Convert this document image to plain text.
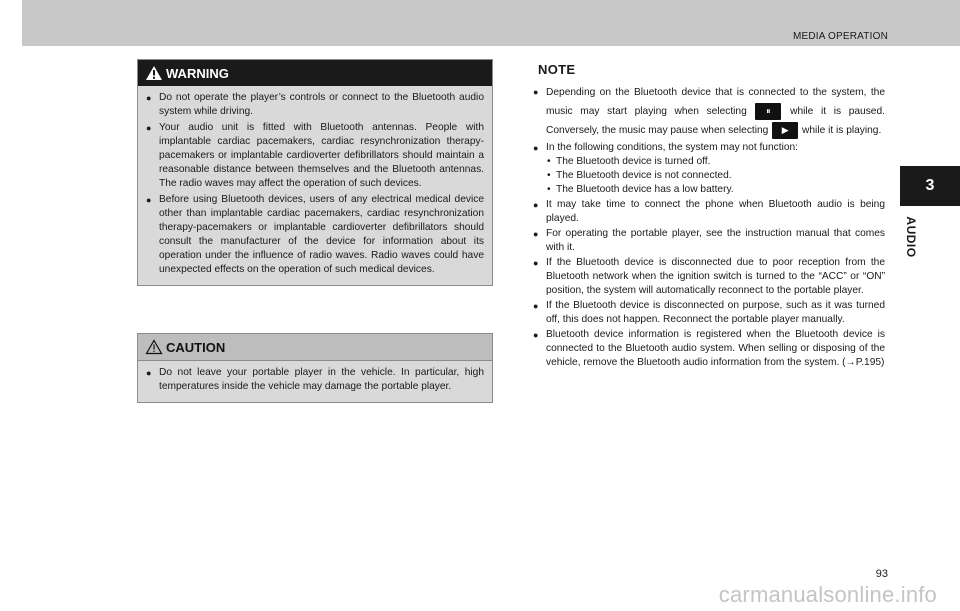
MEDIA OPERATION
3
AUDIO
WARNING
● Do not operate the player’s controls or connect to the Bluetooth audio system while driving.
● Your audio unit is fitted with Bluetooth antennas. People with implantable cardiac pacemakers, cardiac resynchronization therapy-pacemakers or implantable cardioverter defibrillators should maintain a reasonable distance between themselves and the Bluetooth antennas. The radio waves may affect the operation of such devices.
● Before using Bluetooth devices, users of any electrical medical device other than implantable cardiac pacemakers, cardiac resynchronization therapy-pacemakers or implantable cardioverter defibrillators should consult the manufacturer of the device for information about its operation under the influence of radio waves. Radio waves could have unexpected effects on the operation of such medical devices.
CAUTION
● Do not leave your portable player in the vehicle. In particular, high temperatures inside the vehicle may damage the portable player.
NOTE
● Depending on the Bluetooth device that is connected to the system, the music may start playing when selecting ⏸ while it is paused. Conversely, the music may pause when selecting ▶ while it is playing.
● In the following conditions, the system may not function:
• The Bluetooth device is turned off.
• The Bluetooth device is not connected.
• The Bluetooth device has a low battery.
● It may take time to connect the phone when Bluetooth audio is being played.
● For operating the portable player, see the instruction manual that comes with it.
● If the Bluetooth device is disconnected due to poor reception from the Bluetooth network when the ignition switch is turned to the “ACC” or “ON” position, the system will automatically reconnect to the portable player.
● If the Bluetooth device is disconnected on purpose, such as it was turned off, this does not happen. Reconnect the portable player manually.
● Bluetooth device information is registered when the Bluetooth device is connected to the Bluetooth audio system. When selling or disposing of the vehicle, remove the Bluetooth audio information from the system. (→P.195)
93
carmanualsonline.info
